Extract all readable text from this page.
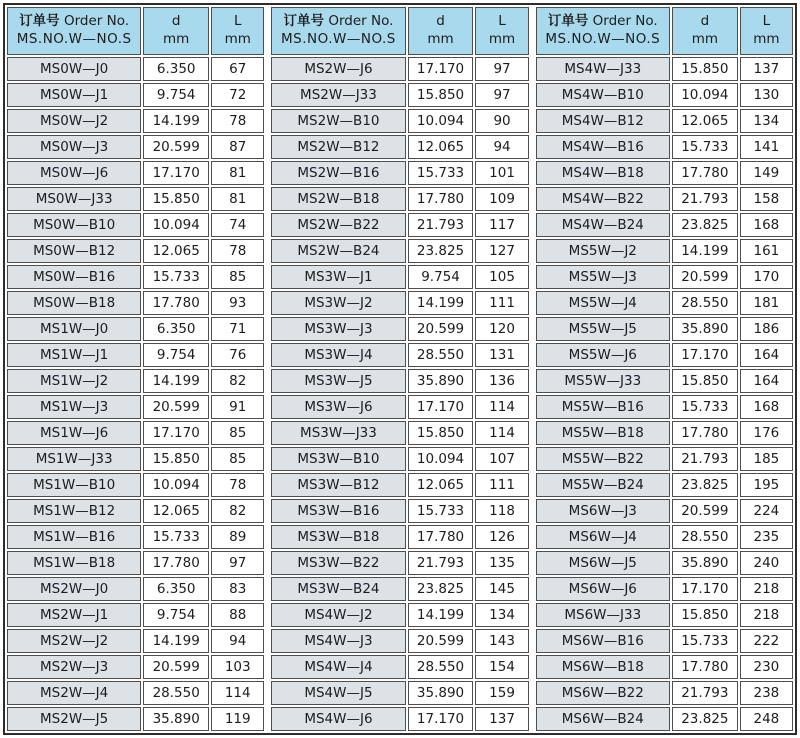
订单号 Order No.
MS.NO.W—NO.S

d
mm

L
mm

MS0W—J0	6.350	67
MS0W—J1	9.754	72
MS0W—J2	14.199	78
MS0W—J3	20.599	87
MS0W—J6	17.170	81
MS0W—J33	15.850	81
MS0W—B10	10.094	74
MS0W—B12	12.065	78
MS0W—B16	15.733	85
MS0W—B18	17.780	93
MS1W—J0	6.350	71
MS1W—J1	9.754	76
MS1W—J2	14.199	82
MS1W—J3	20.599	91
MS1W—J6	17.170	85
MS1W—J33	15.850	85
MS1W—B10	10.094	78
MS1W—B12	12.065	82
MS1W—B16	15.733	89
MS1W—B18	17.780	97
MS2W—J0	6.350	83
MS2W—J1	9.754	88
MS2W—J2	14.199	94
MS2W—J3	20.599	103
MS2W—J4	28.550	114
MS2W—J5	35.890	119
订单号 Order No.
MS.NO.W—NO.S

d
mm

L
mm

MS2W—J6	17.170	97
MS2W—J33	15.850	97
MS2W—B10	10.094	90
MS2W—B12	12.065	94
MS2W—B16	15.733	101
MS2W—B18	17.780	109
MS2W—B22	21.793	117
MS2W—B24	23.825	127
MS3W—J1	9.754	105
MS3W—J2	14.199	111
MS3W—J3	20.599	120
MS3W—J4	28.550	131
MS3W—J5	35.890	136
MS3W—J6	17.170	114
MS3W—J33	15.850	114
MS3W—B10	10.094	107
MS3W—B12	12.065	111
MS3W—B16	15.733	118
MS3W—B18	17.780	126
MS3W—B22	21.793	135
MS3W—B24	23.825	145
MS4W—J2	14.199	134
MS4W—J3	20.599	143
MS4W—J4	28.550	154
MS4W—J5	35.890	159
MS4W—J6	17.170	137
订单号 Order No.
MS.NO.W—NO.S

d
mm

L
mm

MS4W—J33	15.850	137
MS4W—B10	10.094	130
MS4W—B12	12.065	134
MS4W—B16	15.733	141
MS4W—B18	17.780	149
MS4W—B22	21.793	158
MS4W—B24	23.825	168
MS5W—J2	14.199	161
MS5W—J3	20.599	170
MS5W—J4	28.550	181
MS5W—J5	35.890	186
MS5W—J6	17.170	164
MS5W—J33	15.850	164
MS5W—B16	15.733	168
MS5W—B18	17.780	176
MS5W—B22	21.793	185
MS5W—B24	23.825	195
MS6W—J3	20.599	224
MS6W—J4	28.550	235
MS6W—J5	35.890	240
MS6W—J6	17.170	218
MS6W—J33	15.850	218
MS6W—B16	15.733	222
MS6W—B18	17.780	230
MS6W—B22	21.793	238
MS6W—B24	23.825	248
